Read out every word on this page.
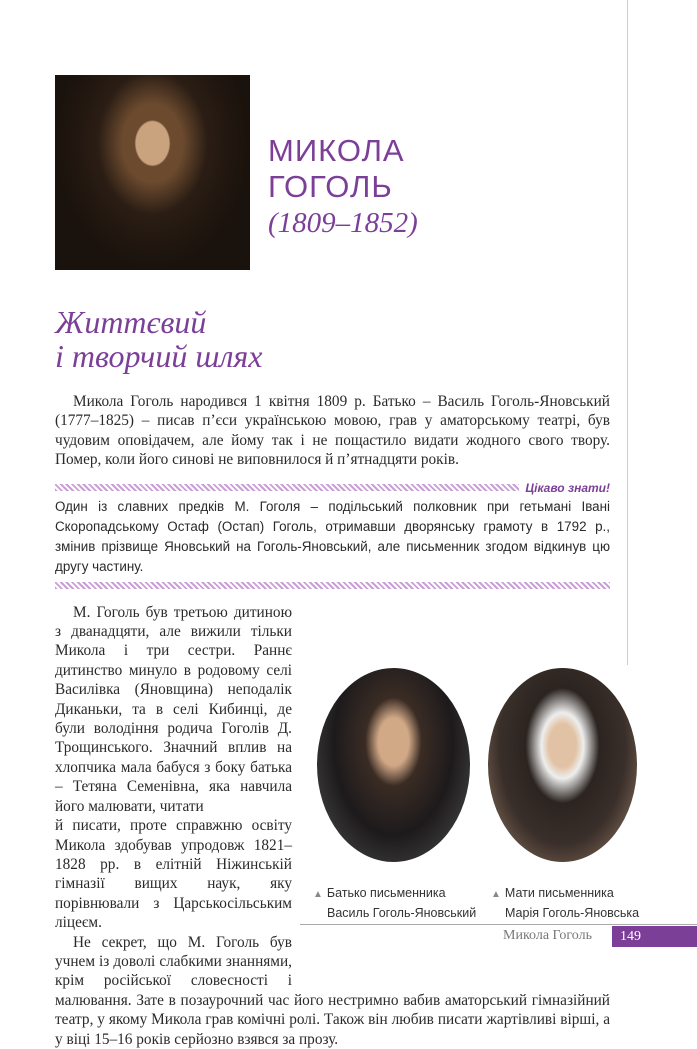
МИКОЛА
ГОГОЛЬ
(1809–1852)
Життєвий
і творчий шлях

Микола Гоголь народився 1 квітня 1809 р. Батько – Василь Гоголь-Яновський (1777–1825) – писав п’єси українською мовою, грав у аматорському театрі, був чудовим оповідачем, але йому так і не пощастило видати жодного свого твору. Помер, коли його синові не виповнилося й п’ятнадцяти років.

Цікаво знати!

Один із славних предків М. Гоголя – подільський полковник при гетьмані Івані Скоропадському Остаф (Остап) Гоголь, отримавши дворянську грамоту в 1792 р., змінив прізвище Яновський на Гоголь-Яновський, але письменник згодом відкинув цю другу частину.

М. Гоголь був третьою дитиною з дванадцяти, але вижили тільки Микола і три сестри. Раннє дитинство минуло в родовому селі Василівка (Яновщина) неподалік Диканьки, та в селі Кибинці, де були володіння родича Гоголів Д. Трощинського. Значний вплив на хлопчика мала бабуся з боку батька – Тетяна Семенівна, яка навчила його малювати, читати

й писати, проте справжню освіту Микола здобував упродовж 1821–1828 рр. в елітній Ніжинській гімназії вищих наук, яку порівнювали з Царськосільським ліцеєм.

Не секрет, що М. Гоголь був учнем із доволі слабкими знаннями, крім російської словесності і малювання. Зате в позаурочний час його нестримно вабив аматорський гімназійний театр, у якому Микола грав комічні ролі. Також він любив писати жартівливі вірші, а у віці 15–16 років серйозно взявся за прозу.

▲ Батько письменника
Василь Гоголь-Яновський
▲ Мати письменника
Марія Гоголь-Яновська
Микола Гоголь	149
